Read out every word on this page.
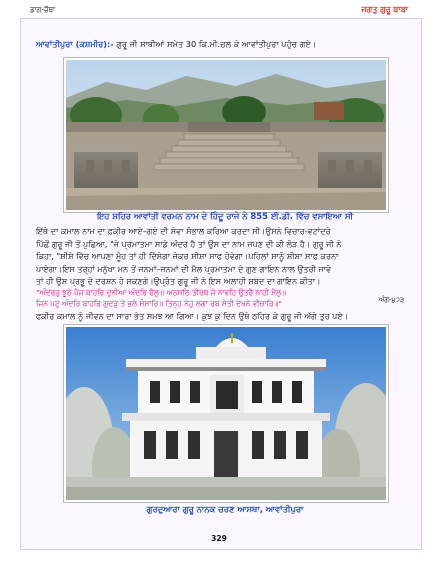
ਡਾਗ-ਚੌਥਾ	ਜਗਤੁ ਗੁਰੂ ਬਾਬਾ
ਆਵਾਂਤੀਪੁਰਾ (ਕਸ਼ਮੀਰ):- ਗੁਰੂ ਜੀ ਸਾਥੀਆਂ ਸਮੇਤ 30 ਕਿ.ਮੀ.ਚਲ ਕੇ ਆਵਾਂਤੀਪੁਰਾ ਪਹੁੰਚ ਗਏ।
ਇਹ ਸ਼ਹਿਰ ਆਵਾਂਤੀ ਵਰਮਨ ਨਾਮ ਦੇ ਹਿੰਦੂ ਰਾਜੇ ਨੇ 855 ਈ.ਡੀ. ਵਿੱਚ ਵਸਾਇਆ ਸੀ

ਇੱਥੇ ਦਾ ਕਮਾਲ ਨਾਮ ਦਾ ਫ਼ਕੀਰ ਆਏ–ਗਏ ਦੀ ਸੇਵਾ ਸੰਭਾਲ ਕਰਿਆ ਕਰਦਾ ਸੀ।ਉਸਨੇ ਵਿਚਾਰ-ਵਟਾਂਦਰੇ

ਪਿੱਛੋਂ ਗੁਰੂ ਜੀ ਤੋਂ ਪੁਛਿਆ, "ਜੇ ਪ੍ਰਮਾਤਮਾ ਸਾਡੇ ਅੰਦਰ ਹੈ ਤਾਂ ਉਸ ਦਾ ਨਾਮ ਜਪਣ ਦੀ ਕੀ ਲੋੜ ਹੈ। ਗੁਰੂ ਜੀ ਨੇ

ਕਿਹਾ, "ਸ਼ੀਸ਼ੇ ਵਿੱਚ ਆਪਣਾ ਮੂੰਹ ਤਾਂ ਹੀ ਦਿੱਸੇਗਾ ਜੇਕਰ ਸ਼ੀਸ਼ਾ ਸਾਫ ਹੋਵੇਗਾ।ਪਹਿਲਾਂ ਸਾਨੂੰ ਸ਼ੀਸ਼ਾ ਸਾਫ ਕਰਨਾ

ਪਾਏਗਾ।ਇਸ ਤਰ੍ਹਾਂ ਮਨੁੱਖਾ ਮਨ ਤੋਂ ਜਨਮਾਂ–ਜਨਮਾਂ ਦੀ ਮੈਲ ਪ੍ਰਮਾਤਮਾ ਦੇ ਗੁਣ ਗਾਇਨ ਨਾਲ ਉਤਰੀ ਜਾਵੇ

ਤਾਂ ਹੀ ਉਸ ਪ੍ਰਭੂ ਦੇ ਦਰਸ਼ਨ ਹੋ ਸਕਣਗੇ।ਉਪ੍ਰੰਤ ਗੁਰੂ ਜੀ ਨੇ ਇਸ ਅਲਾਹੀ ਸ਼ਬਦ ਦਾ ਗਾਇਨ ਕੀਤਾ।

"ਅੰਦਰਹੁ ਝੂਠੇ ਪੈਜ ਬਾਹਰਿ ਦੁਨੀਆ ਅੰਦਰਿ ਫੈਲੁ॥ ਅਠਸਠਿ ਤੀਰਥ ਜੇ ਨਾਵਹਿ ਉਤਰੈ ਨਾਹੀ ਮੈਲੁ॥

ਜਿਨ ਪਟੁ ਅੰਦਰਿ ਬਾਹਰਿ ਗੁਦੜੁ ਤੇ ਭਲੇ ਸੰਸਾਰਿ॥ ਤਿਨ੍ਹ ਨੇਹੁ ਲਗਾ ਰਬ ਸੇਤੀ ਦੇਖਨੇ ਵੀਚਾਰਿ॥"	ਅੰਗ-੪੭੩
ਫਕੀਰ ਕਮਾਲ ਨੂੰ ਜੀਵਨ ਦਾ ਸਾਰਾ ਭੇਤ ਸਮਝ ਆ ਗਿਆ। ਕੁਝ ਕੁ ਦਿਨ ਉਥੇ ਠਹਿਰ ਕੇ ਗੁਰੂ ਜੀ ਅੱਗੇ ਤੁਰ ਪਏ।
ਗੁਰਦੁਆਰਾ ਗੁਰੂ ਨਾਨਕ ਚਰਣ ਆਸਥਾ, ਆਵਾਂਤੀਪੁਰਾ
329
